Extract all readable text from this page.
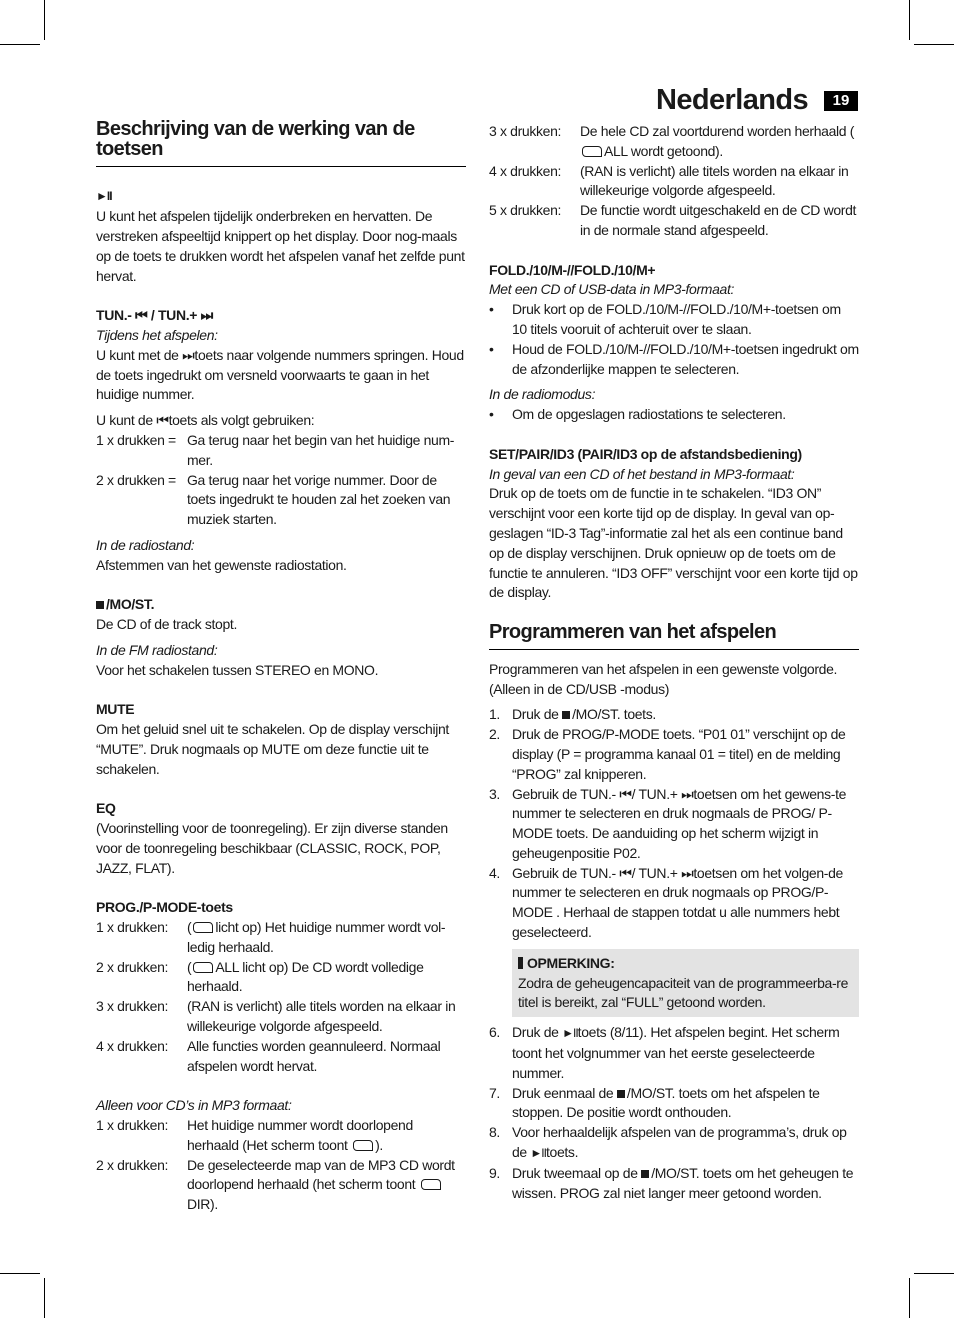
Nederlands	19
Beschrijving van de werking van de toetsen
►II

U kunt het afspelen tijdelijk onderbreken en hervatten. De verstreken afspeeltijd knippert op het display. Door nog-maals op de toets te drukken wordt het afspelen vanaf het zelfde punt hervat.

TUN.- ⏮ / TUN.+ ⏭

Tijdens het afspelen:

U kunt met de ⏭toets naar volgende nummers springen. Houd de toets ingedrukt om versneld voorwaarts te gaan in het huidige nummer.

U kunt de ⏮toets als volgt gebruiken:

1 x drukken = Ga terug naar het begin van het huidige num-mer.
2 x drukken = Ga terug naar het vorige nummer. Door de toets ingedrukt te houden zal het zoeken van muziek starten.

In de radiostand:

Afstemmen van het gewenste radiostation.

/MO/ST.

De CD of de track stopt.

In de FM radiostand:

Voor het schakelen tussen STEREO en MONO.

MUTE

Om het geluid snel uit te schakelen. Op de display verschijnt “MUTE”. Druk nogmaals op MUTE om deze functie uit te schakelen.

EQ

(Voorinstelling voor de toonregeling). Er zijn diverse standen voor de toonregeling beschikbaar (CLASSIC, ROCK, POP, JAZZ, FLAT).

PROG./P-MODE-toets
1 x drukken:	( licht op) Het huidige nummer wordt vol-ledig herhaald.
2 x drukken:	( ALL licht op) De CD wordt volledige herhaald.
3 x drukken:	(RAN is verlicht) alle titels worden na elkaar in willekeurige volgorde afgespeeld.
4 x drukken:	Alle functies worden geannuleerd. Normaal afspelen wordt hervat.

Alleen voor CD’s in MP3 formaat:

1 x drukken:	Het huidige nummer wordt doorlopend herhaald (Het scherm toont ).
2 x drukken:	De geselecteerde map van de MP3 CD wordt doorlopend herhaald (het scherm toont  DIR).
3 x drukken:	De hele CD zal voortdurend worden herhaald (ALL wordt getoond).
4 x drukken:	(RAN is verlicht) alle titels worden na elkaar in willekeurige volgorde afgespeeld.
5 x drukken:	De functie wordt uitgeschakeld en de CD wordt in de normale stand afgespeeld.
FOLD./10/M-//FOLD./10/M+

Met een CD of USB-data in MP3-formaat:

• Druk kort op de FOLD./10/M-//FOLD./10/M+-toetsen om 10 titels vooruit of achteruit over te slaan.
• Houd de FOLD./10/M-//FOLD./10/M+-toetsen ingedrukt om de afzonderlijke mappen te selecteren.

In de radiomodus:

• Om de opgeslagen radiostations te selecteren.
SET/PAIR/ID3 (PAIR/ID3 op de afstandsbediening)

In geval van een CD of het bestand in MP3-formaat:

Druk op de toets om de functie in te schakelen. “ID3 ON” verschijnt voor een korte tijd op de display. In geval van op-geslagen “ID-3 Tag”-informatie zal het als een continue band op de display verschijnen. Druk opnieuw op de toets om de functie te annuleren. “ID3 OFF” verschijnt voor een korte tijd op de display.

Programmeren van het afspelen

Programmeren van het afspelen in een gewenste volgorde. (Alleen in de CD/USB -modus)

1. Druk de /MO/ST. toets.
2. Druk de PROG/P-MODE toets. “P01 01” verschijnt op de display (P = programma kanaal 01 = titel) en de melding “PROG” zal knipperen.
3. Gebruik de TUN.- ⏮/ TUN.+ ⏭toetsen om het gewens-te nummer te selecteren en druk nogmaals de PROG/ P-MODE toets. De aanduiding op het scherm wijzigt in geheugenpositie P02.
4. Gebruik de TUN.- ⏮/ TUN.+ ⏭toetsen om het volgen-de nummer te selecteren en druk nogmaals op PROG/P-MODE . Herhaal de stappen totdat u alle nummers hebt geselecteerd.
OPMERKING:

Zodra de geheugencapaciteit van de programmeerba-re titel is bereikt, zal “FULL” getoond worden.

6. Druk de ►IItoets (8/11). Het afspelen begint. Het scherm toont het volgnummer van het eerste geselecteerde nummer.
7. Druk eenmaal de /MO/ST. toets om het afspelen te stoppen. De positie wordt onthouden.
8. Voor herhaaldelijk afspelen van de programma’s, druk op de ►IItoets.
9. Druk tweemaal op de /MO/ST. toets om het geheugen te wissen. PROG zal niet langer meer getoond worden.
